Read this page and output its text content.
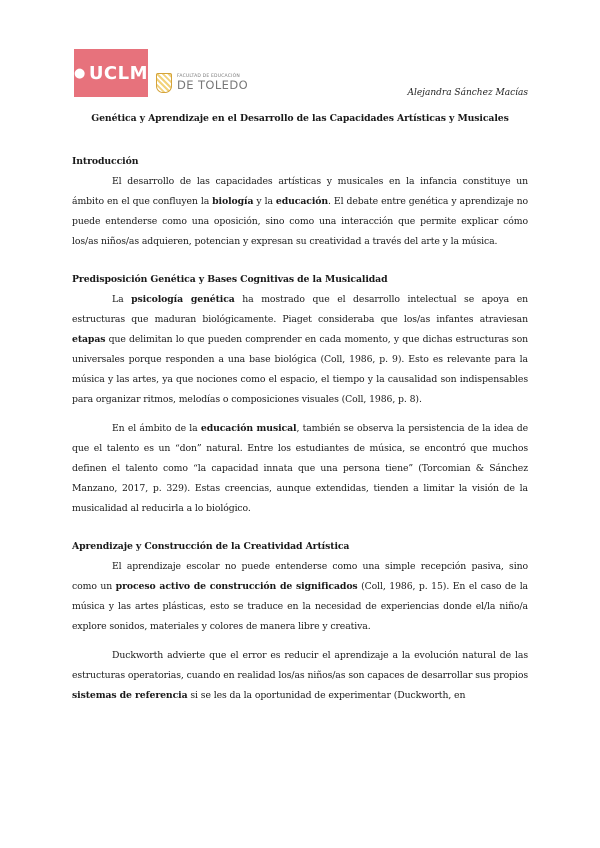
● UCLM	FACULTAD DE EDUCACIÓN
DE TOLEDO
Alejandra Sánchez Macías
Genética y Aprendizaje en el Desarrollo de las Capacidades Artísticas y Musicales
Introducción

El desarrollo de las capacidades artísticas y musicales en la infancia constituye un ámbito en el que confluyen la biología y la educación. El debate entre genética y aprendizaje no puede entenderse como una oposición, sino como una interacción que permite explicar cómo los/as niños/as adquieren, potencian y expresan su creatividad a través del arte y la música.

Predisposición Genética y Bases Cognitivas de la Musicalidad

La psicología genética ha mostrado que el desarrollo intelectual se apoya en estructuras que maduran biológicamente. Piaget consideraba que los/as infantes atraviesan etapas que delimitan lo que pueden comprender en cada momento, y que dichas estructuras son universales porque responden a una base biológica (Coll, 1986, p. 9). Esto es relevante para la música y las artes, ya que nociones como el espacio, el tiempo y la causalidad son indispensables para organizar ritmos, melodías o composiciones visuales (Coll, 1986, p. 8).

En el ámbito de la educación musical, también se observa la persistencia de la idea de que el talento es un “don” natural. Entre los estudiantes de música, se encontró que muchos definen el talento como “la capacidad innata que una persona tiene” (Torcomian & Sánchez Manzano, 2017, p. 329). Estas creencias, aunque extendidas, tienden a limitar la visión de la musicalidad al reducirla a lo biológico.

Aprendizaje y Construcción de la Creatividad Artística

El aprendizaje escolar no puede entenderse como una simple recepción pasiva, sino como un proceso activo de construcción de significados (Coll, 1986, p. 15). En el caso de la música y las artes plásticas, esto se traduce en la necesidad de experiencias donde el/la niño/a explore sonidos, materiales y colores de manera libre y creativa.

Duckworth advierte que el error es reducir el aprendizaje a la evolución natural de las estructuras operatorias, cuando en realidad los/as niños/as son capaces de desarrollar sus propios sistemas de referencia si se les da la oportunidad de experimentar (Duckworth, en
